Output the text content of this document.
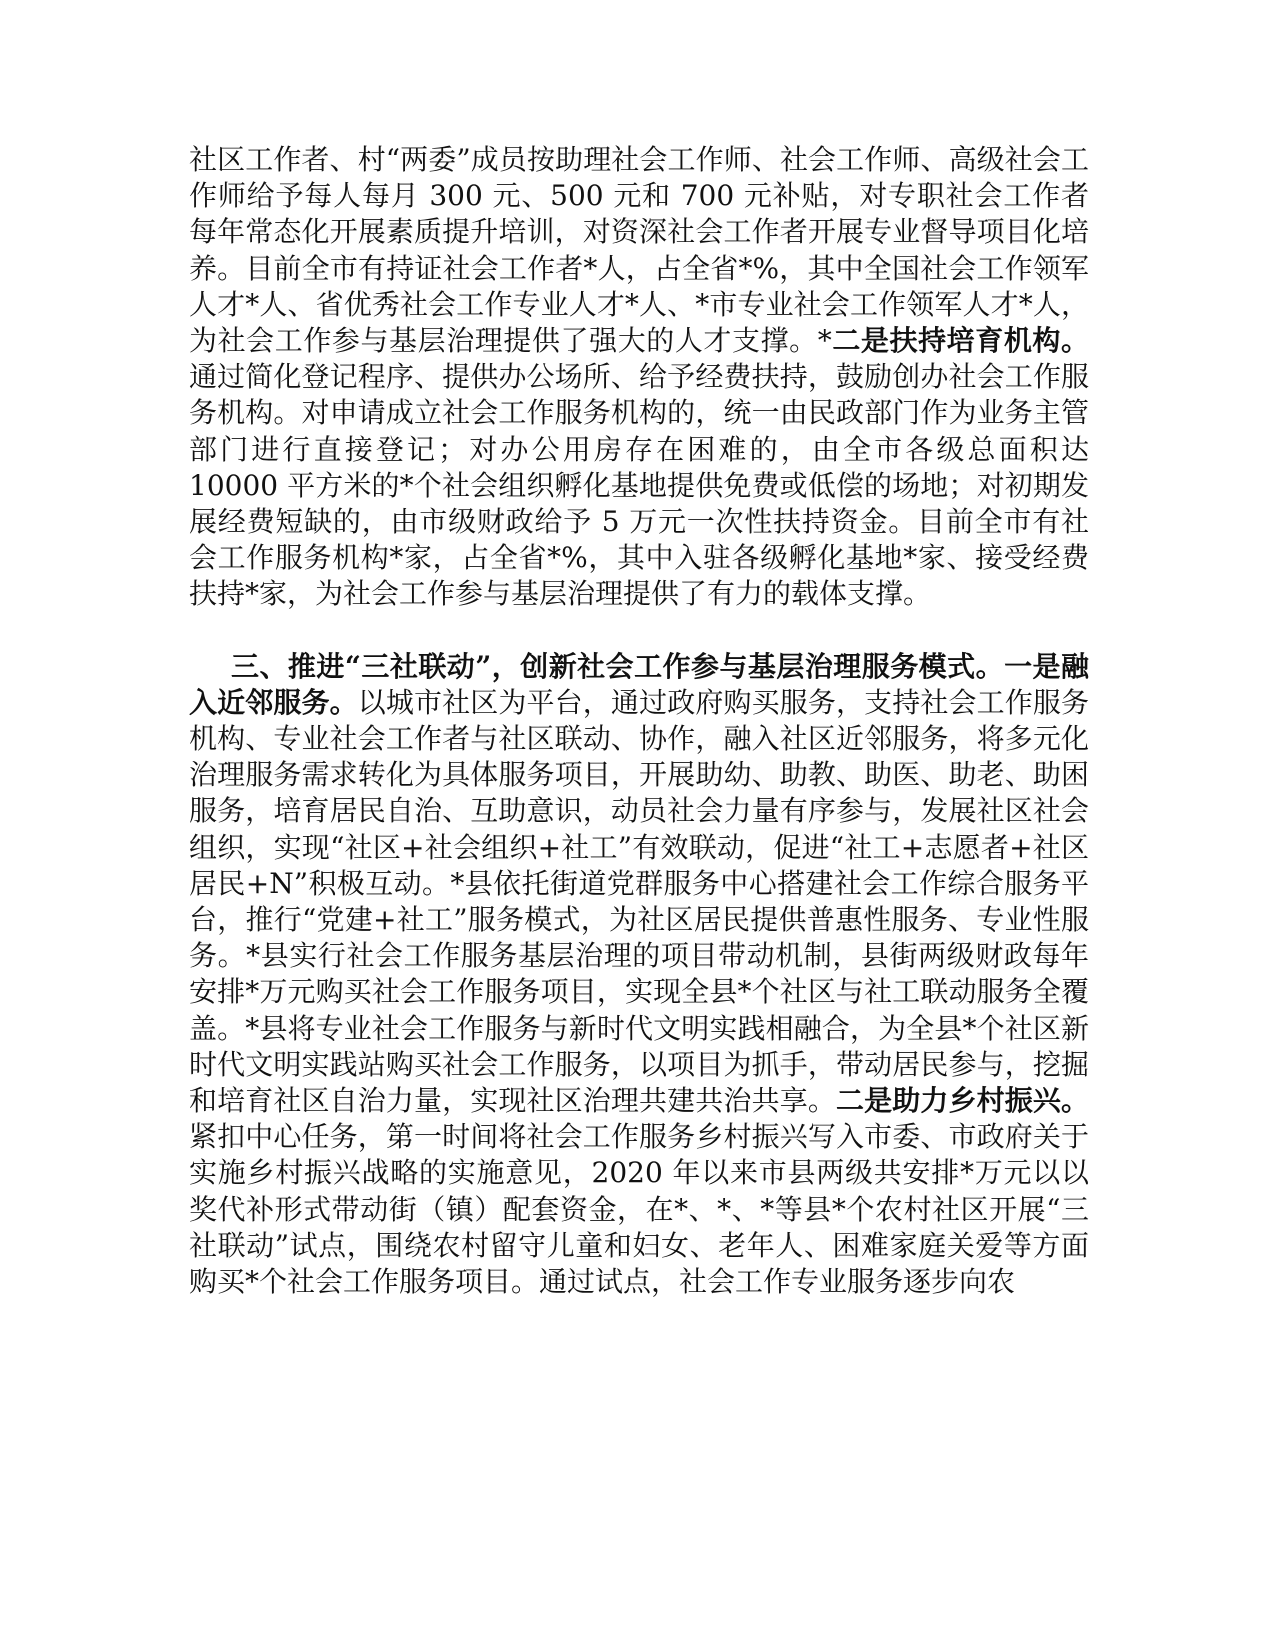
社区工作者、村“两委”成员按助理社会工作师、社会工作师、高级社会工作师给予每人每月 300 元、500 元和 700 元补贴，对专职社会工作者每年常态化开展素质提升培训，对资深社会工作者开展专业督导项目化培养。目前全市有持证社会工作者*人，占全省*%，其中全国社会工作领军人才*人、省优秀社会工作专业人才*人、*市专业社会工作领军人才*人，为社会工作参与基层治理提供了强大的人才支撑。*二是扶持培育机构。通过简化登记程序、提供办公场所、给予经费扶持，鼓励创办社会工作服务机构。对申请成立社会工作服务机构的，统一由民政部门作为业务主管部门进行直接登记；对办公用房存在困难的，由全市各级总面积达 10000 平方米的*个社会组织孵化基地提供免费或低偿的场地；对初期发展经费短缺的，由市级财政给予 5 万元一次性扶持资金。目前全市有社会工作服务机构*家，占全省*%，其中入驻各级孵化基地*家、接受经费扶持*家，为社会工作参与基层治理提供了有力的载体支撑。

三、推进“三社联动”，创新社会工作参与基层治理服务模式。一是融入近邻服务。以城市社区为平台，通过政府购买服务，支持社会工作服务机构、专业社会工作者与社区联动、协作，融入社区近邻服务，将多元化治理服务需求转化为具体服务项目，开展助幼、助教、助医、助老、助困服务，培育居民自治、互助意识，动员社会力量有序参与，发展社区社会组织，实现“社区+社会组织+社工”有效联动，促进“社工+志愿者+社区居民+N”积极互动。*县依托街道党群服务中心搭建社会工作综合服务平台，推行“党建+社工”服务模式，为社区居民提供普惠性服务、专业性服务。*县实行社会工作服务基层治理的项目带动机制，县街两级财政每年安排*万元购买社会工作服务项目，实现全县*个社区与社工联动服务全覆盖。*县将专业社会工作服务与新时代文明实践相融合，为全县*个社区新时代文明实践站购买社会工作服务，以项目为抓手，带动居民参与，挖掘和培育社区自治力量，实现社区治理共建共治共享。二是助力乡村振兴。紧扣中心任务，第一时间将社会工作服务乡村振兴写入市委、市政府关于实施乡村振兴战略的实施意见，2020 年以来市县两级共安排*万元以以奖代补形式带动街（镇）配套资金，在*、*、*等县*个农村社区开展“三社联动”试点，围绕农村留守儿童和妇女、老年人、困难家庭关爱等方面购买*个社会工作服务项目。通过试点，社会工作专业服务逐步向农
